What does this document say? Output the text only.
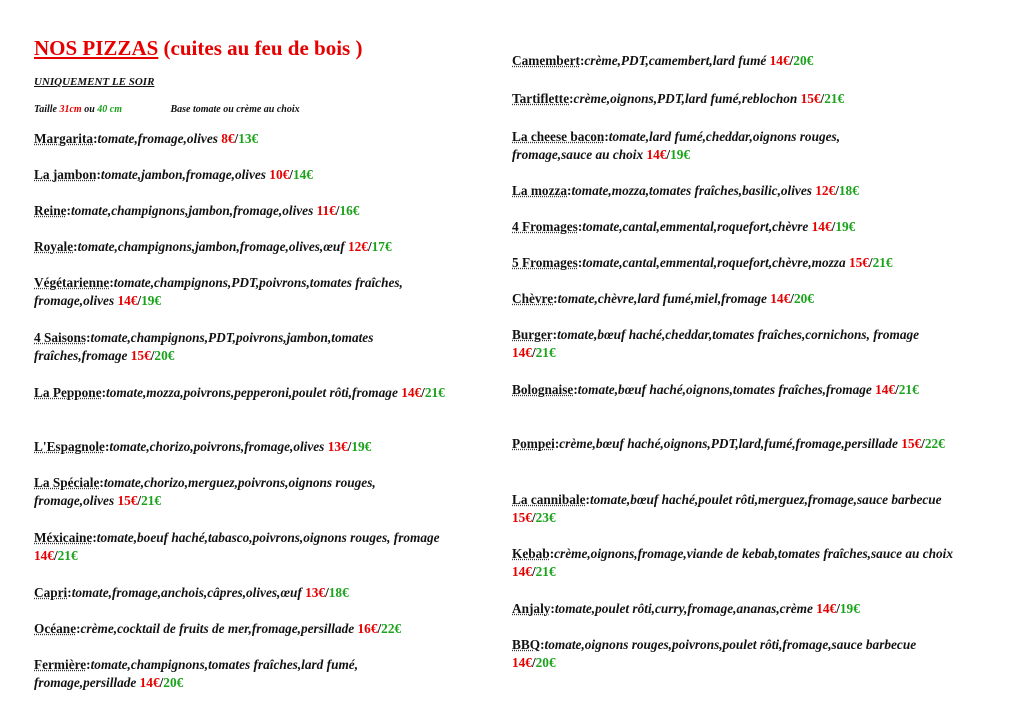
NOS PIZZAS (cuites au feu de bois )
UNIQUEMENT LE SOIR
Taille 31cm ou 40 cm	Base tomate ou crème au choix
Margarita:tomate,fromage,olives 8€/13€
La jambon:tomate,jambon,fromage,olives 10€/14€
Reine:tomate,champignons,jambon,fromage,olives 11€/16€
Royale:tomate,champignons,jambon,fromage,olives,œuf 12€/17€
Végétarienne:tomate,champignons,PDT,poivrons,tomates fraîches, fromage,olives 14€/19€
4 Saisons:tomate,champignons,PDT,poivrons,jambon,tomates fraîches,fromage 15€/20€
La Peppone:tomate,mozza,poivrons,pepperoni,poulet rôti,fromage 14€/21€
L'Espagnole:tomate,chorizo,poivrons,fromage,olives 13€/19€
La Spéciale:tomate,chorizo,merguez,poivrons,oignons rouges, fromage,olives 15€/21€
Méxicaine:tomate,boeuf haché,tabasco,poivrons,oignons rouges, fromage 14€/21€
Capri:tomate,fromage,anchois,câpres,olives,œuf 13€/18€
Océane:crème,cocktail de fruits de mer,fromage,persillade 16€/22€
Fermière:tomate,champignons,tomates fraîches,lard fumé, fromage,persillade 14€/20€
Camembert:crème,PDT,camembert,lard fumé 14€/20€
Tartiflette:crème,oignons,PDT,lard fumé,reblochon 15€/21€
La cheese bacon:tomate,lard fumé,cheddar,oignons rouges, fromage,sauce au choix 14€/19€
La mozza:tomate,mozza,tomates fraîches,basilic,olives 12€/18€
4 Fromages:tomate,cantal,emmental,roquefort,chèvre 14€/19€
5 Fromages:tomate,cantal,emmental,roquefort,chèvre,mozza 15€/21€
Chèvre:tomate,chèvre,lard fumé,miel,fromage 14€/20€
Burger:tomate,bœuf haché,cheddar,tomates fraîches,cornichons, fromage 14€/21€
Bolognaise:tomate,bœuf haché,oignons,tomates fraîches,fromage 14€/21€
Pompei:crème,bœuf haché,oignons,PDT,lard,fumé,fromage,persillade 15€/22€
La cannibale:tomate,bœuf haché,poulet rôti,merguez,fromage,sauce barbecue 15€/23€
Kebab:crème,oignons,fromage,viande de kebab,tomates fraîches,sauce au choix 14€/21€
Anjaly:tomate,poulet rôti,curry,fromage,ananas,crème 14€/19€
BBQ:tomate,oignons rouges,poivrons,poulet rôti,fromage,sauce barbecue 14€/20€
